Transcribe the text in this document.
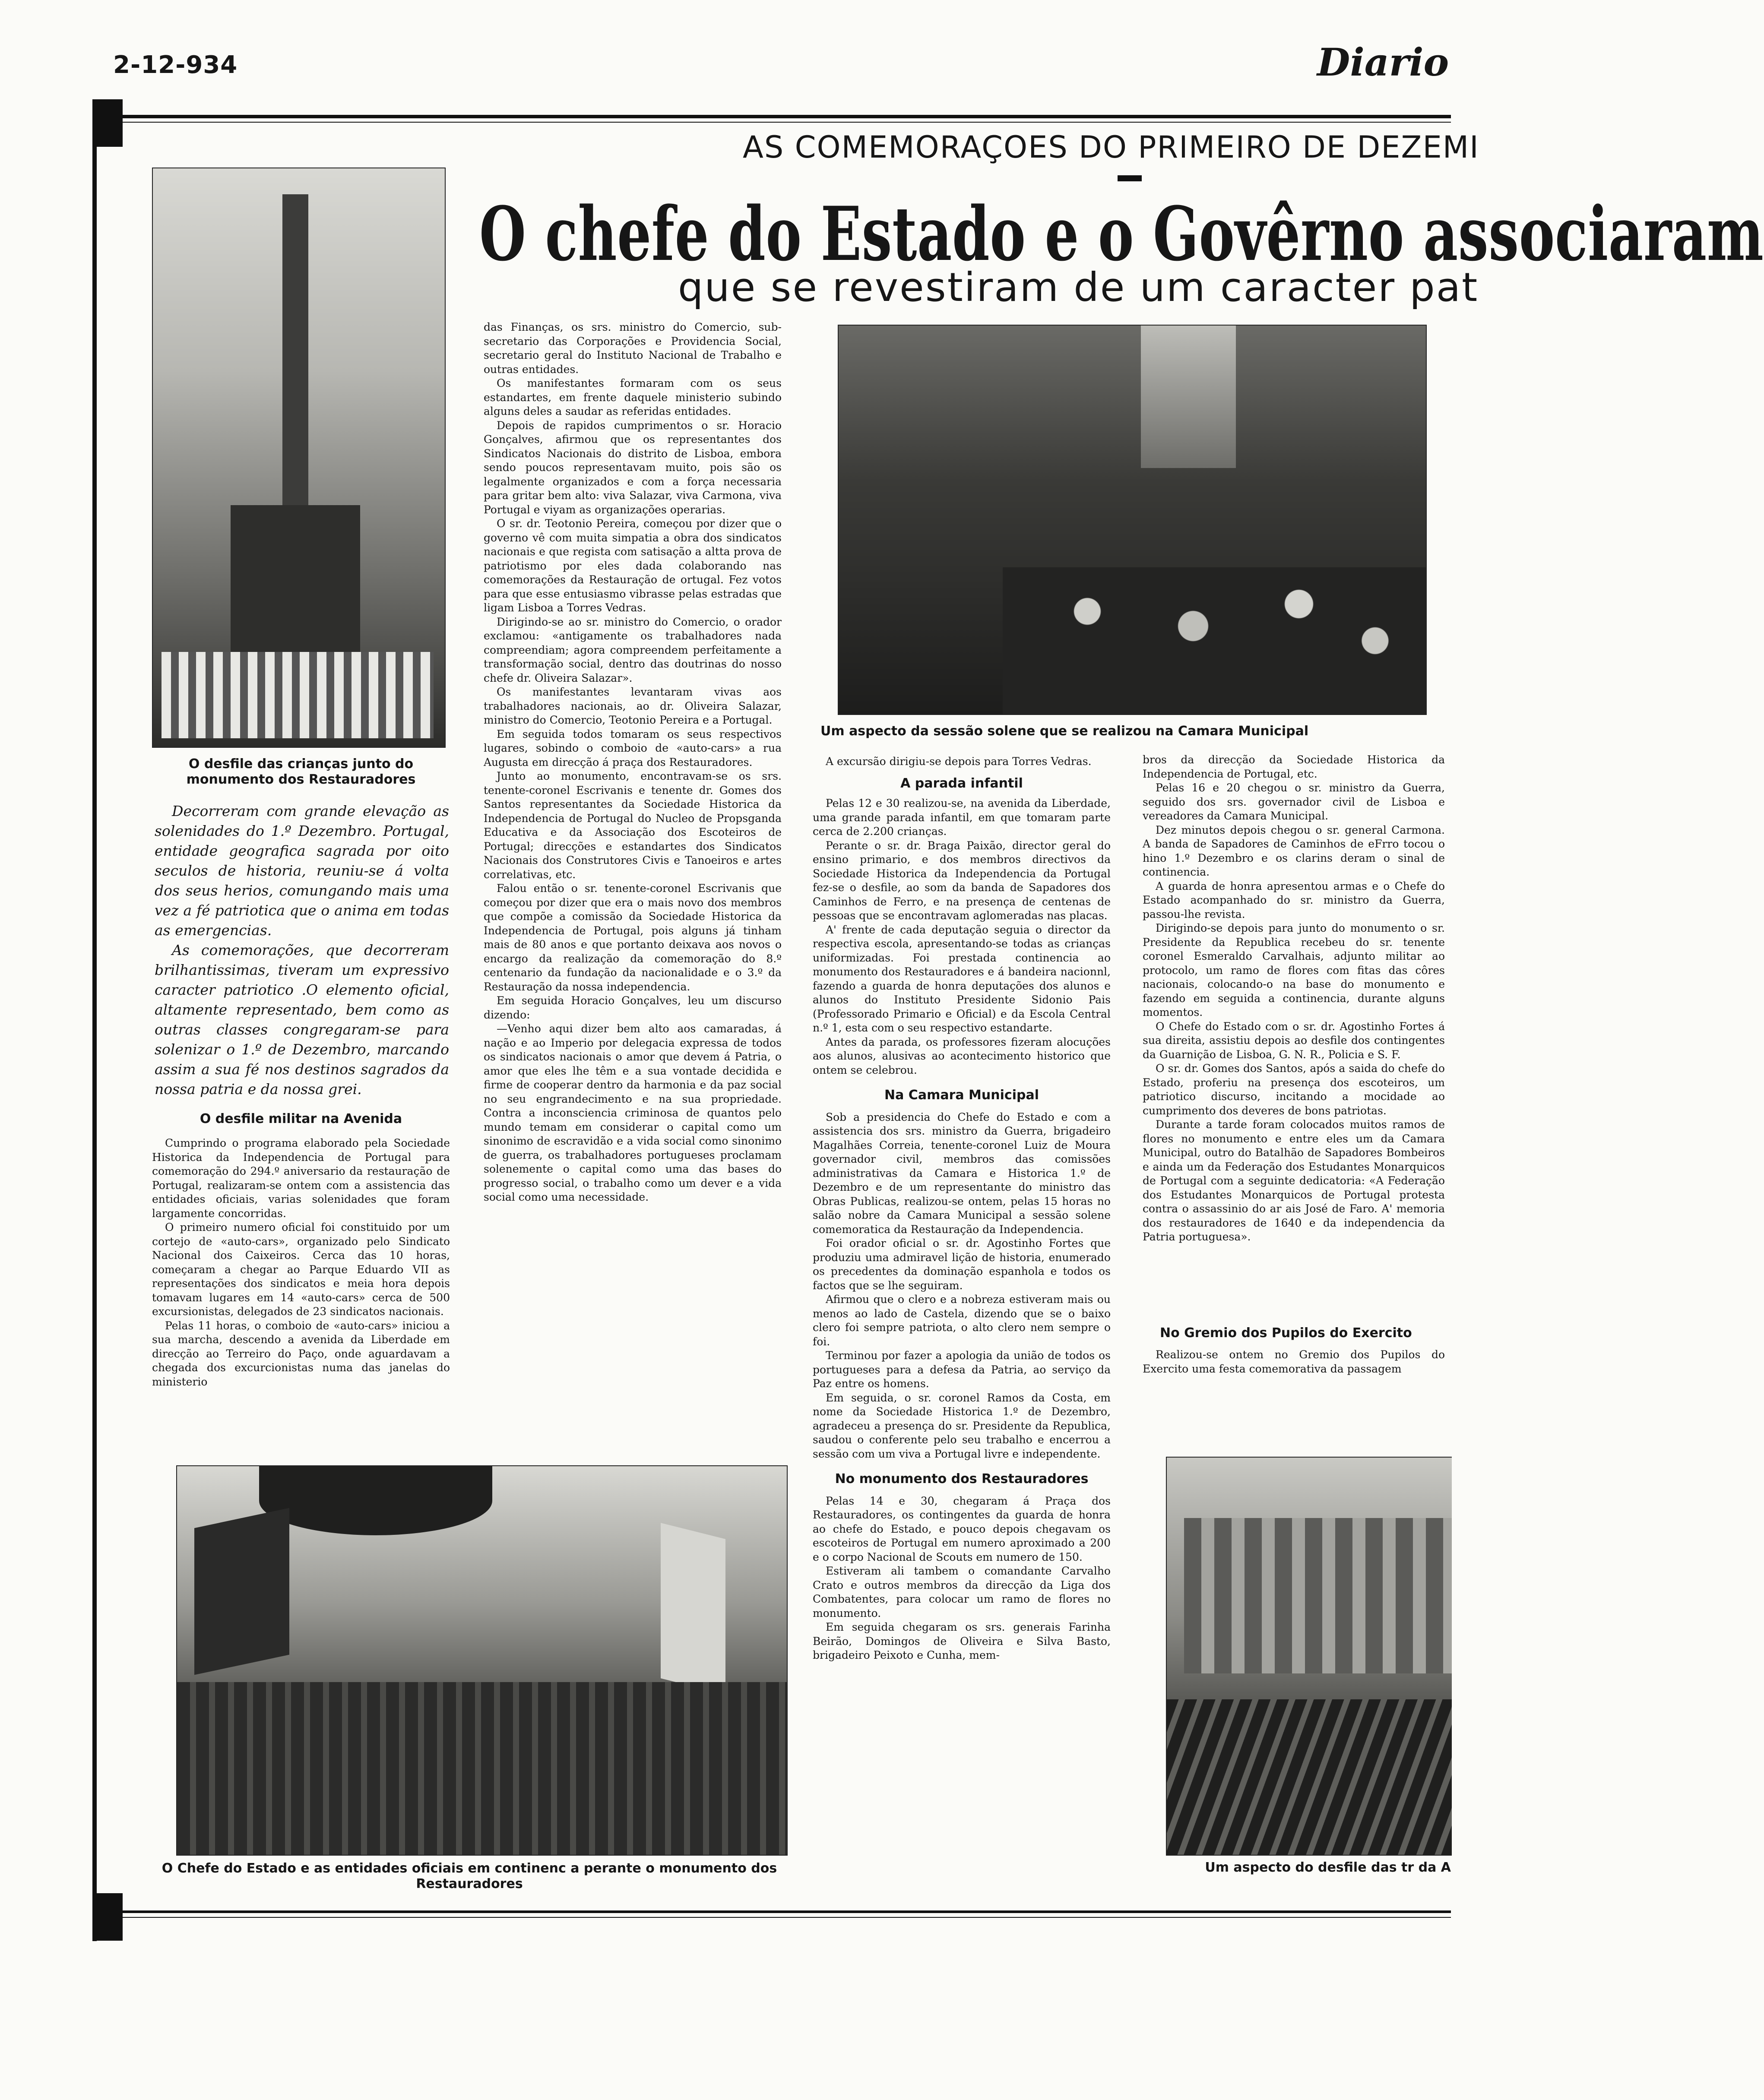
2-12-934	Diario
AS COMEMORAÇOES DO PRIMEIRO DE DEZEMI
O chefe do Estado e o Govêrno associaram
que se revestiram de um caracter pat
O desfile das crianças junto do monumento dos Restauradores

Decorreram com grande elevação as solenidades do 1.º Dezembro. Portugal, entidade geografica sagrada por oito seculos de historia, reuniu-se á volta dos seus herios, comungando mais uma vez a fé patriotica que o anima em todas as emergencias.

As comemorações, que decorreram brilhantissimas, tiveram um expressivo caracter patriotico .O elemento oficial, altamente representado, bem como as outras classes congregaram-se para solenizar o 1.º de Dezembro, marcando assim a sua fé nos destinos sagrados da nossa patria e da nossa grei.

O desfile militar na Avenida

Cumprindo o programa elaborado pela Sociedade Historica da Independencia de Portugal para comemoração do 294.º aniversario da restauração de Portugal, realizaram-se ontem com a assistencia das entidades oficiais, varias solenidades que foram largamente concorridas.

O primeiro numero oficial foi constituido por um cortejo de «auto-cars», organizado pelo Sindicato Nacional dos Caixeiros. Cerca das 10 horas, começaram a chegar ao Parque Eduardo VII as representações dos sindicatos e meia hora depois tomavam lugares em 14 «auto-cars» cerca de 500 excursionistas, delegados de 23 sindicatos nacionais.

Pelas 11 horas, o comboio de «auto-cars» iniciou a sua marcha, descendo a avenida da Liberdade em direcção ao Terreiro do Paço, onde aguardavam a chegada dos excurcionistas numa das janelas do ministerio

das Finanças, os srs. ministro do Comercio, sub-secretario das Corporações e Providencia Social, secretario geral do Instituto Nacional de Trabalho e outras entidades.

Os manifestantes formaram com os seus estandartes, em frente daquele ministerio subindo alguns deles a saudar as referidas entidades.

Depois de rapidos cumprimentos o sr. Horacio Gonçalves, afirmou que os representantes dos Sindicatos Nacionais do distrito de Lisboa, embora sendo poucos representavam muito, pois são os legalmente organizados e com a força necessaria para gritar bem alto: viva Salazar, viva Carmona, viva Portugal e viyam as organizações operarias.

O sr. dr. Teotonio Pereira, começou por dizer que o governo vê com muita simpatia a obra dos sindicatos nacionais e que regista com satisação a altta prova de patriotismo por eles dada colaborando nas comemorações da Restauração de ortugal. Fez votos para que esse entusiasmo vibrasse pelas estradas que ligam Lisboa a Torres Vedras.

Dirigindo-se ao sr. ministro do Comercio, o orador exclamou: «antigamente os trabalhadores nada compreendiam; agora compreendem perfeitamente a transformação social, dentro das doutrinas do nosso chefe dr. Oliveira Salazar».

Os manifestantes levantaram vivas aos trabalhadores nacionais, ao dr. Oliveira Salazar, ministro do Comercio, Teotonio Pereira e a Portugal.

Em seguida todos tomaram os seus respectivos lugares, sobindo o comboio de «auto-cars» a rua Augusta em direcção á praça dos Restauradores.

Junto ao monumento, encontravam-se os srs. tenente-coronel Escrivanis e tenente dr. Gomes dos Santos representantes da Sociedade Historica da Independencia de Portugal do Nucleo de Propsganda Educativa e da Associação dos Escoteiros de Portugal; direcções e estandartes dos Sindicatos Nacionais dos Construtores Civis e Tanoeiros e artes correlativas, etc.

Falou então o sr. tenente-coronel Escrivanis que começou por dizer que era o mais novo dos membros que compõe a comissão da Sociedade Historica da Independencia de Portugal, pois alguns já tinham mais de 80 anos e que portanto deixava aos novos o encargo da realização da comemoração do 8.º centenario da fundação da nacionalidade e o 3.º da Restauração da nossa independencia.

Em seguida Horacio Gonçalves, leu um discurso dizendo:

—Venho aqui dizer bem alto aos camaradas, á nação e ao Imperio por delegacia expressa de todos os sindicatos nacionais o amor que devem á Patria, o amor que eles lhe têm e a sua vontade decidida e firme de cooperar dentro da harmonia e da paz social no seu engrandecimento e na sua propriedade. Contra a inconsciencia criminosa de quantos pelo mundo temam em considerar o capital como um sinonimo de escravidão e a vida social como sinonimo de guerra, os trabalhadores portugueses proclamam solenemente o capital como uma das bases do progresso social, o trabalho como um dever e a vida social como uma necessidade.

Um aspecto da sessão solene que se realizou na Camara Municipal

A excursão dirigiu-se depois para Torres Vedras.

A parada infantil

Pelas 12 e 30 realizou-se, na avenida da Liberdade, uma grande parada infantil, em que tomaram parte cerca de 2.200 crianças.

Perante o sr. dr. Braga Paixão, director geral do ensino primario, e dos membros directivos da Sociedade Historica da Independencia da Portugal fez-se o desfile, ao som da banda de Sapadores dos Caminhos de Ferro, e na presença de centenas de pessoas que se encontravam aglomeradas nas placas.

A' frente de cada deputação seguia o director da respectiva escola, apresentando-se todas as crianças uniformizadas. Foi prestada continencia ao monumento dos Restauradores e á bandeira nacionnl, fazendo a guarda de honra deputações dos alunos e alunos do Instituto Presidente Sidonio Pais (Professorado Primario e Oficial) e da Escola Central n.º 1, esta com o seu respectivo estandarte.

Antes da parada, os professores fizeram alocuções aos alunos, alusivas ao acontecimento historico que ontem se celebrou.

Na Camara Municipal

Sob a presidencia do Chefe do Estado e com a assistencia dos srs. ministro da Guerra, brigadeiro Magalhães Correia, tenente-coronel Luiz de Moura governador civil, membros das comissões administrativas da Camara e Historica 1.º de Dezembro e de um representante do ministro das Obras Publicas, realizou-se ontem, pelas 15 horas no salão nobre da Camara Municipal a sessão solene comemoratica da Restauração da Independencia.

Foi orador oficial o sr. dr. Agostinho Fortes que produziu uma admiravel lição de historia, enumerado os precedentes da dominação espanhola e todos os factos que se lhe seguiram.

Afirmou que o clero e a nobreza estiveram mais ou menos ao lado de Castela, dizendo que se o baixo clero foi sempre patriota, o alto clero nem sempre o foi.

Terminou por fazer a apologia da união de todos os portugueses para a defesa da Patria, ao serviço da Paz entre os homens.

Em seguida, o sr. coronel Ramos da Costa, em nome da Sociedade Historica 1.º de Dezembro, agradeceu a presença do sr. Presidente da Republica, saudou o conferente pelo seu trabalho e encerrou a sessão com um viva a Portugal livre e independente.

No monumento dos Restauradores

Pelas 14 e 30, chegaram á Praça dos Restauradores, os contingentes da guarda de honra ao chefe do Estado, e pouco depois chegavam os escoteiros de Portugal em numero aproximado a 200 e o corpo Nacional de Scouts em numero de 150.

Estiveram ali tambem o comandante Carvalho Crato e outros membros da direcção da Liga dos Combatentes, para colocar um ramo de flores no monumento.

Em seguida chegaram os srs. generais Farinha Beirão, Domingos de Oliveira e Silva Basto, brigadeiro Peixoto e Cunha, mem-

bros da direcção da Sociedade Historica da Independencia de Portugal, etc.

Pelas 16 e 20 chegou o sr. ministro da Guerra, seguido dos srs. governador civil de Lisboa e vereadores da Camara Municipal.

Dez minutos depois chegou o sr. general Carmona. A banda de Sapadores de Caminhos de eFrro tocou o hino 1.º Dezembro e os clarins deram o sinal de continencia.

A guarda de honra apresentou armas e o Chefe do Estado acompanhado do sr. ministro da Guerra, passou-lhe revista.

Dirigindo-se depois para junto do monumento o sr. Presidente da Republica recebeu do sr. tenente coronel Esmeraldo Carvalhais, adjunto militar ao protocolo, um ramo de flores com fitas das côres nacionais, colocando-o na base do monumento e fazendo em seguida a continencia, durante alguns momentos.

O Chefe do Estado com o sr. dr. Agostinho Fortes á sua direita, assistiu depois ao desfile dos contingentes da Guarnição de Lisboa, G. N. R., Policia e S. F.

O sr. dr. Gomes dos Santos, após a saida do chefe do Estado, proferiu na presença dos escoteiros, um patriotico discurso, incitando a mocidade ao cumprimento dos deveres de bons patriotas.

Durante a tarde foram colocados muitos ramos de flores no monumento e entre eles um da Camara Municipal, outro do Batalhão de Sapadores Bombeiros e ainda um da Federação dos Estudantes Monarquicos de Portugal com a seguinte dedicatoria: «A Federação dos Estudantes Monarquicos de Portugal protesta contra o assassinio do ar ais José de Faro. A' memoria dos restauradores de 1640 e da independencia da Patria portuguesa».

No Gremio dos Pupilos do Exercito

Realizou-se ontem no Gremio dos Pupilos do Exercito uma festa comemorativa da passagem

O Chefe do Estado e as entidades oficiais em continenc a perante o monumento dos Restauradores
Um aspecto do desfile das tr da A
